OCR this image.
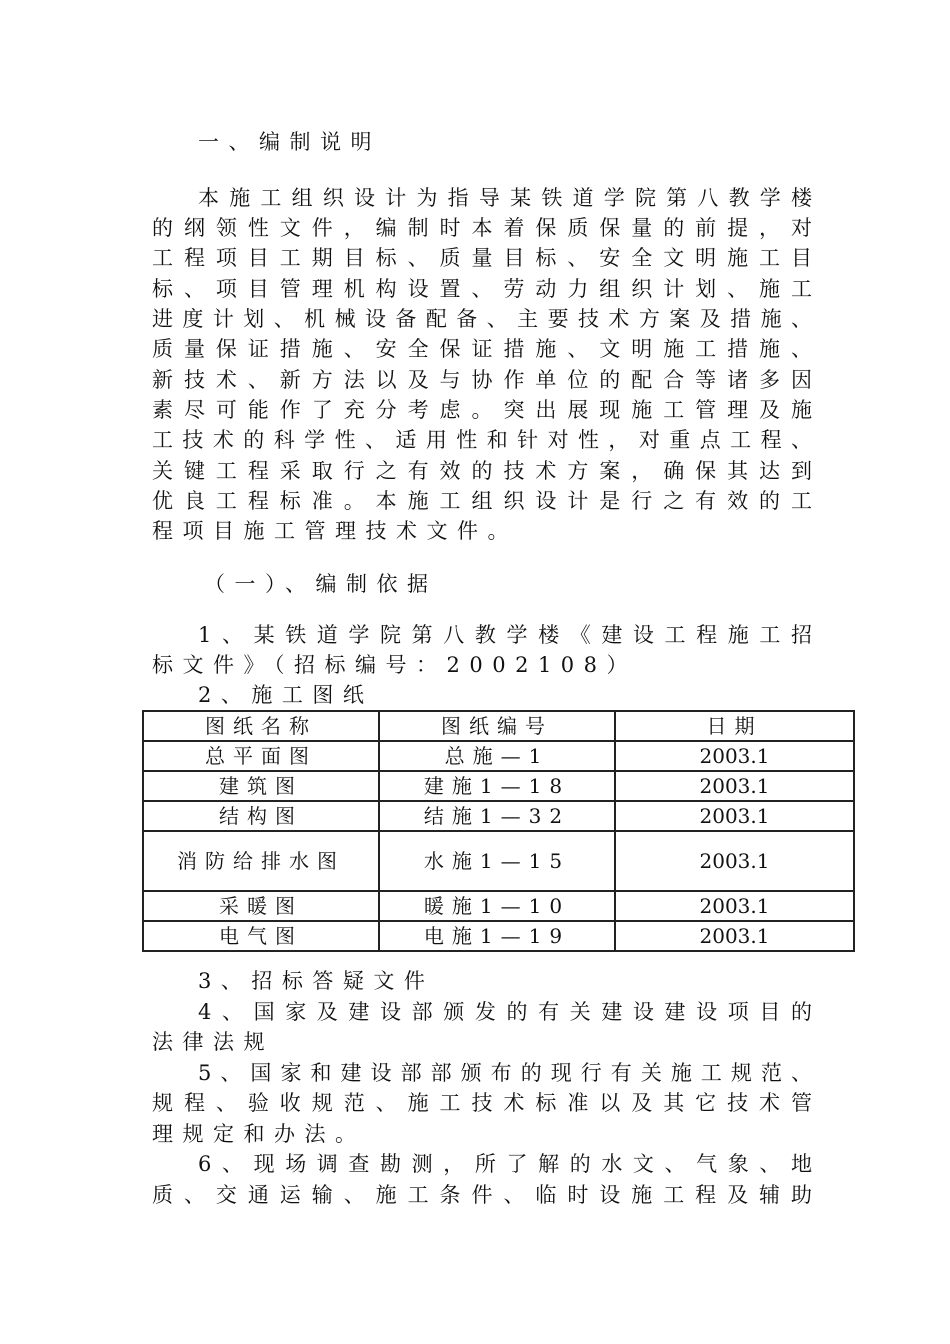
一、编制说明
本施工组织设计为指导某铁道学院第八教学楼
的纲领性文件，编制时本着保质保量的前提，对
工程项目工期目标、质量目标、安全文明施工目
标、项目管理机构设置、劳动力组织计划、施工
进度计划、机械设备配备、主要技术方案及措施、
质量保证措施、安全保证措施、文明施工措施、
新技术、新方法以及与协作单位的配合等诸多因
素尽可能作了充分考虑。突出展现施工管理及施
工技术的科学性、适用性和针对性，对重点工程、
关键工程采取行之有效的技术方案，确保其达到
优良工程标准。本施工组织设计是行之有效的工
程项目施工管理技术文件。
（一）、编制依据
1、某铁道学院第八教学楼《建设工程施工招
标文件》（招标编号：2002108）
2、施工图纸
图纸名称	图纸编号	日期
总平面图	总施—1	2003.1
建筑图	建施1—18	2003.1
结构图	结施1—32	2003.1
消防给排水图	水施1—15	2003.1
采暖图	暖施1—10	2003.1
电气图	电施1—19	2003.1
3、招标答疑文件
4、国家及建设部颁发的有关建设建设项目的
法律法规
5、国家和建设部部颁布的现行有关施工规范、
规程、验收规范、施工技术标准以及其它技术管
理规定和办法。
6、现场调查勘测，所了解的水文、气象、地
质、交通运输、施工条件、临时设施工程及辅助
